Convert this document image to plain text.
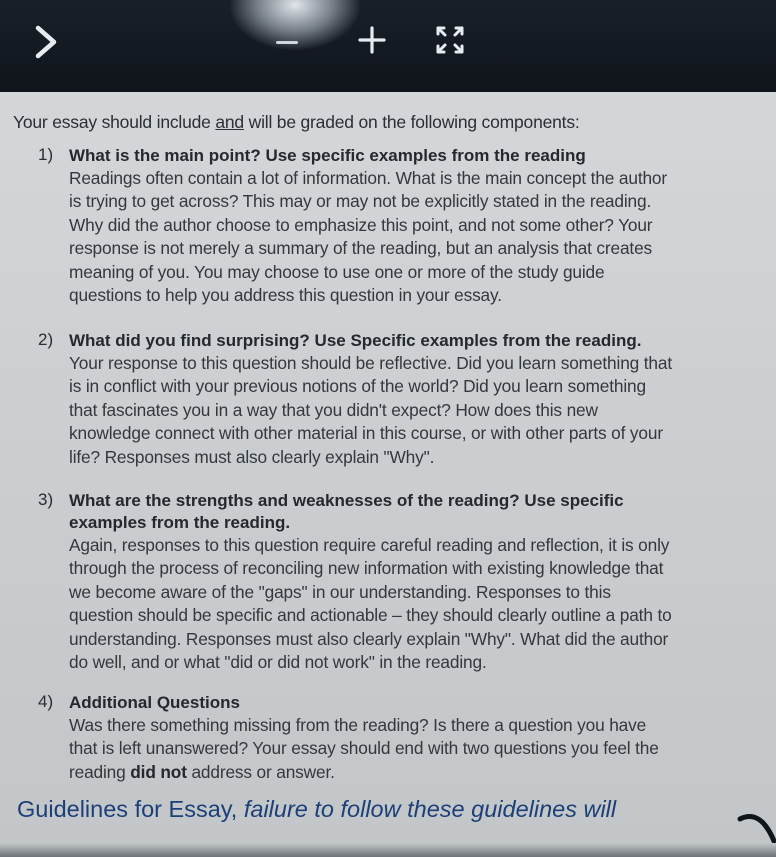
Your essay should include and will be graded on the following components:
1) What is the main point? Use specific examples from the reading
Readings often contain a lot of information. What is the main concept the author
is trying to get across? This may or may not be explicitly stated in the reading.
Why did the author choose to emphasize this point, and not some other? Your
response is not merely a summary of the reading, but an analysis that creates
meaning of you. You may choose to use one or more of the study guide
questions to help you address this question in your essay.
2) What did you find surprising? Use Specific examples from the reading.
Your response to this question should be reflective. Did you learn something that
is in conflict with your previous notions of the world? Did you learn something
that fascinates you in a way that you didn't expect? How does this new
knowledge connect with other material in this course, or with other parts of your
life? Responses must also clearly explain "Why".
3) What are the strengths and weaknesses of the reading? Use specific
examples from the reading.
Again, responses to this question require careful reading and reflection, it is only
through the process of reconciling new information with existing knowledge that
we become aware of the "gaps" in our understanding. Responses to this
question should be specific and actionable – they should clearly outline a path to
understanding. Responses must also clearly explain "Why". What did the author
do well, and or what "did or did not work" in the reading.
4) Additional Questions
Was there something missing from the reading? Is there a question you have
that is left unanswered? Your essay should end with two questions you feel the
reading did not address or answer.
Guidelines for Essay, failure to follow these guidelines will
